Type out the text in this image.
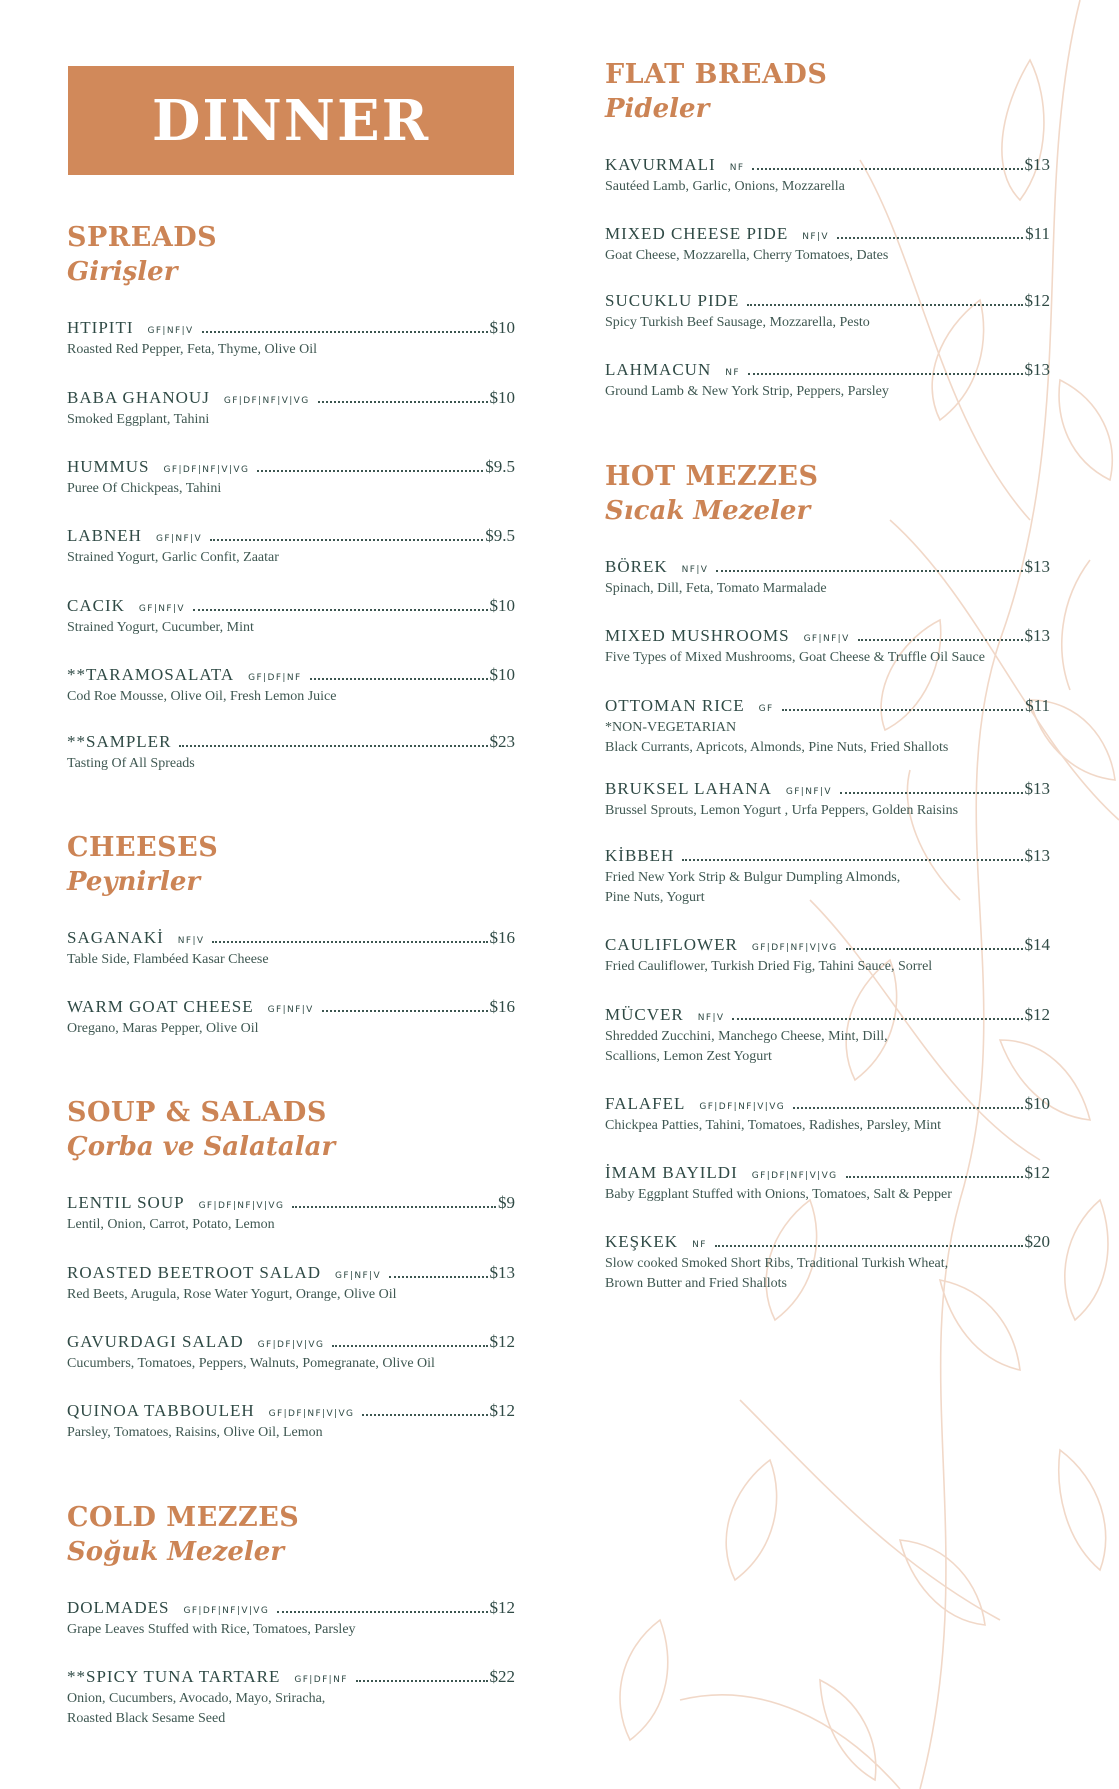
DINNER

SPREADS

Girişler

HTIPITI GF|NF|V	$10
Roasted Red Pepper, Feta, Thyme, Olive Oil
BABA GHANOUJ GF|DF|NF|V|VG	$10
Smoked Eggplant, Tahini
HUMMUS GF|DF|NF|V|VG	$9.5
Puree Of Chickpeas, Tahini
LABNEH GF|NF|V	$9.5
Strained Yogurt, Garlic Confit, Zaatar
CACIK GF|NF|V	$10
Strained Yogurt, Cucumber, Mint
**TARAMOSALATA GF|DF|NF	$10
Cod Roe Mousse, Olive Oil, Fresh Lemon Juice
**SAMPLER	$23
Tasting Of All Spreads

CHEESES

Peynirler

SAGANAKİ NF|V	$16
Table Side, Flambéed Kasar Cheese
WARM GOAT CHEESE GF|NF|V	$16
Oregano, Maras Pepper, Olive Oil

SOUP & SALADS

Çorba ve Salatalar

LENTIL SOUP GF|DF|NF|V|VG	$9
Lentil, Onion, Carrot, Potato, Lemon
ROASTED BEETROOT SALAD GF|NF|V	$13
Red Beets, Arugula, Rose Water Yogurt, Orange, Olive Oil
GAVURDAGI SALAD GF|DF|V|VG	$12
Cucumbers, Tomatoes, Peppers, Walnuts, Pomegranate, Olive Oil
QUINOA TABBOULEH GF|DF|NF|V|VG	$12
Parsley, Tomatoes, Raisins, Olive Oil, Lemon

COLD MEZZES

Soğuk Mezeler

DOLMADES GF|DF|NF|V|VG	$12
Grape Leaves Stuffed with Rice, Tomatoes, Parsley
**SPICY TUNA TARTARE GF|DF|NF	$22
Onion, Cucumbers, Avocado, Mayo, Sriracha,
Roasted Black Sesame Seed

FLAT BREADS

Pideler

KAVURMALI NF	$13
Sautéed Lamb, Garlic, Onions, Mozzarella
MIXED CHEESE PIDE NF|V	$11
Goat Cheese, Mozzarella, Cherry Tomatoes, Dates
SUCUKLU PIDE	$12
Spicy Turkish Beef Sausage, Mozzarella, Pesto
LAHMACUN NF	$13
Ground Lamb & New York Strip, Peppers, Parsley

HOT MEZZES

Sıcak Mezeler

BÖREK NF|V	$13
Spinach, Dill, Feta, Tomato Marmalade
MIXED MUSHROOMS GF|NF|V	$13
Five Types of Mixed Mushrooms, Goat Cheese & Truffle Oil Sauce
OTTOMAN RICE GF	$11
*NON-VEGETARIAN
Black Currants, Apricots, Almonds, Pine Nuts, Fried Shallots
BRUKSEL LAHANA GF|NF|V	$13
Brussel Sprouts, Lemon Yogurt , Urfa Peppers, Golden Raisins
KİBBEH	$13
Fried New York Strip & Bulgur Dumpling Almonds,
Pine Nuts, Yogurt
CAULIFLOWER GF|DF|NF|V|VG	$14
Fried Cauliflower, Turkish Dried Fig, Tahini Sauce, Sorrel
MÜCVER NF|V	$12
Shredded Zucchini, Manchego Cheese, Mint, Dill,
Scallions, Lemon Zest Yogurt
FALAFEL GF|DF|NF|V|VG	$10
Chickpea Patties, Tahini, Tomatoes, Radishes, Parsley, Mint
İMAM BAYILDI GF|DF|NF|V|VG	$12
Baby Eggplant Stuffed with Onions, Tomatoes, Salt & Pepper
KEŞKEK NF	$20
Slow cooked Smoked Short Ribs, Traditional Turkish Wheat,
Brown Butter and Fried Shallots
